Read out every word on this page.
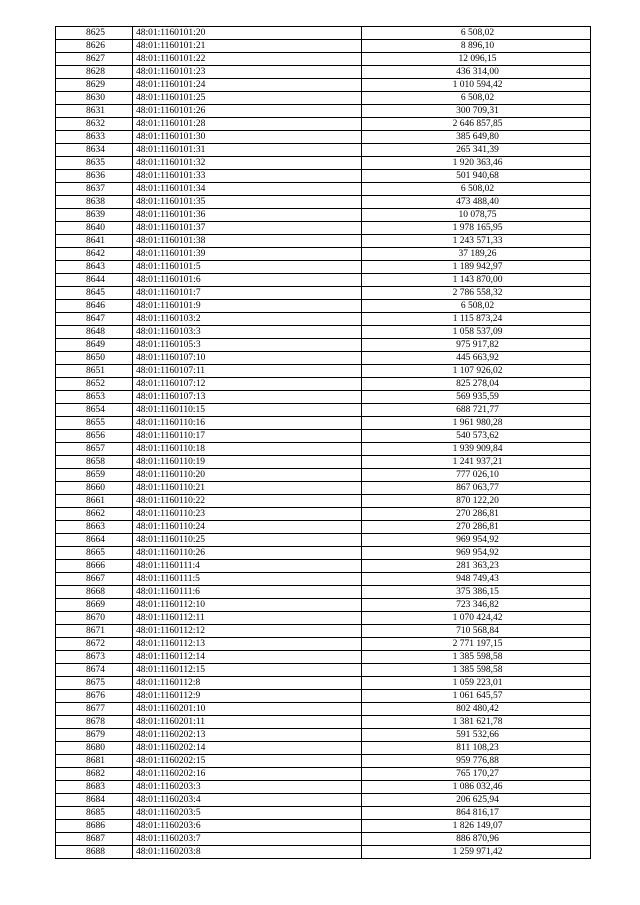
8625	48:01:1160101:20	6 508,02
8626	48:01:1160101:21	8 896,10
8627	48:01:1160101:22	12 096,15
8628	48:01:1160101:23	436 314,00
8629	48:01:1160101:24	1 010 594,42
8630	48:01:1160101:25	6 508,02
8631	48:01:1160101:26	300 709,31
8632	48:01:1160101:28	2 646 857,85
8633	48:01:1160101:30	385 649,80
8634	48:01:1160101:31	265 341,39
8635	48:01:1160101:32	1 920 363,46
8636	48:01:1160101:33	501 940,68
8637	48:01:1160101:34	6 508,02
8638	48:01:1160101:35	473 488,40
8639	48:01:1160101:36	10 078,75
8640	48:01:1160101:37	1 978 165,95
8641	48:01:1160101:38	1 243 571,33
8642	48:01:1160101:39	37 189,26
8643	48:01:1160101:5	1 189 942,97
8644	48:01:1160101:6	1 143 870,00
8645	48:01:1160101:7	2 786 558,32
8646	48:01:1160101:9	6 508,02
8647	48:01:1160103:2	1 115 873,24
8648	48:01:1160103:3	1 058 537,09
8649	48:01:1160105:3	975 917,82
8650	48:01:1160107:10	445 663,92
8651	48:01:1160107:11	1 107 926,02
8652	48:01:1160107:12	825 278,04
8653	48:01:1160107:13	569 935,59
8654	48:01:1160110:15	688 721,77
8655	48:01:1160110:16	1 961 980,28
8656	48:01:1160110:17	540 573,62
8657	48:01:1160110:18	1 939 909,84
8658	48:01:1160110:19	1 241 937,21
8659	48:01:1160110:20	777 026,10
8660	48:01:1160110:21	867 063,77
8661	48:01:1160110:22	870 122,20
8662	48:01:1160110:23	270 286,81
8663	48:01:1160110:24	270 286,81
8664	48:01:1160110:25	969 954,92
8665	48:01:1160110:26	969 954,92
8666	48:01:1160111:4	281 363,23
8667	48:01:1160111:5	948 749,43
8668	48:01:1160111:6	375 386,15
8669	48:01:1160112:10	723 346,82
8670	48:01:1160112:11	1 070 424,42
8671	48:01:1160112:12	710 568,84
8672	48:01:1160112:13	2 771 197,15
8673	48:01:1160112:14	1 385 598,58
8674	48:01:1160112:15	1 385 598,58
8675	48:01:1160112:8	1 059 223,01
8676	48:01:1160112:9	1 061 645,57
8677	48:01:1160201:10	802 480,42
8678	48:01:1160201:11	1 381 621,78
8679	48:01:1160202:13	591 532,66
8680	48:01:1160202:14	811 108,23
8681	48:01:1160202:15	959 776,88
8682	48:01:1160202:16	765 170,27
8683	48:01:1160203:3	1 086 032,46
8684	48:01:1160203:4	206 625,94
8685	48:01:1160203:5	864 816,17
8686	48:01:1160203:6	1 826 149,07
8687	48:01:1160203:7	886 870,96
8688	48:01:1160203:8	1 259 971,42
